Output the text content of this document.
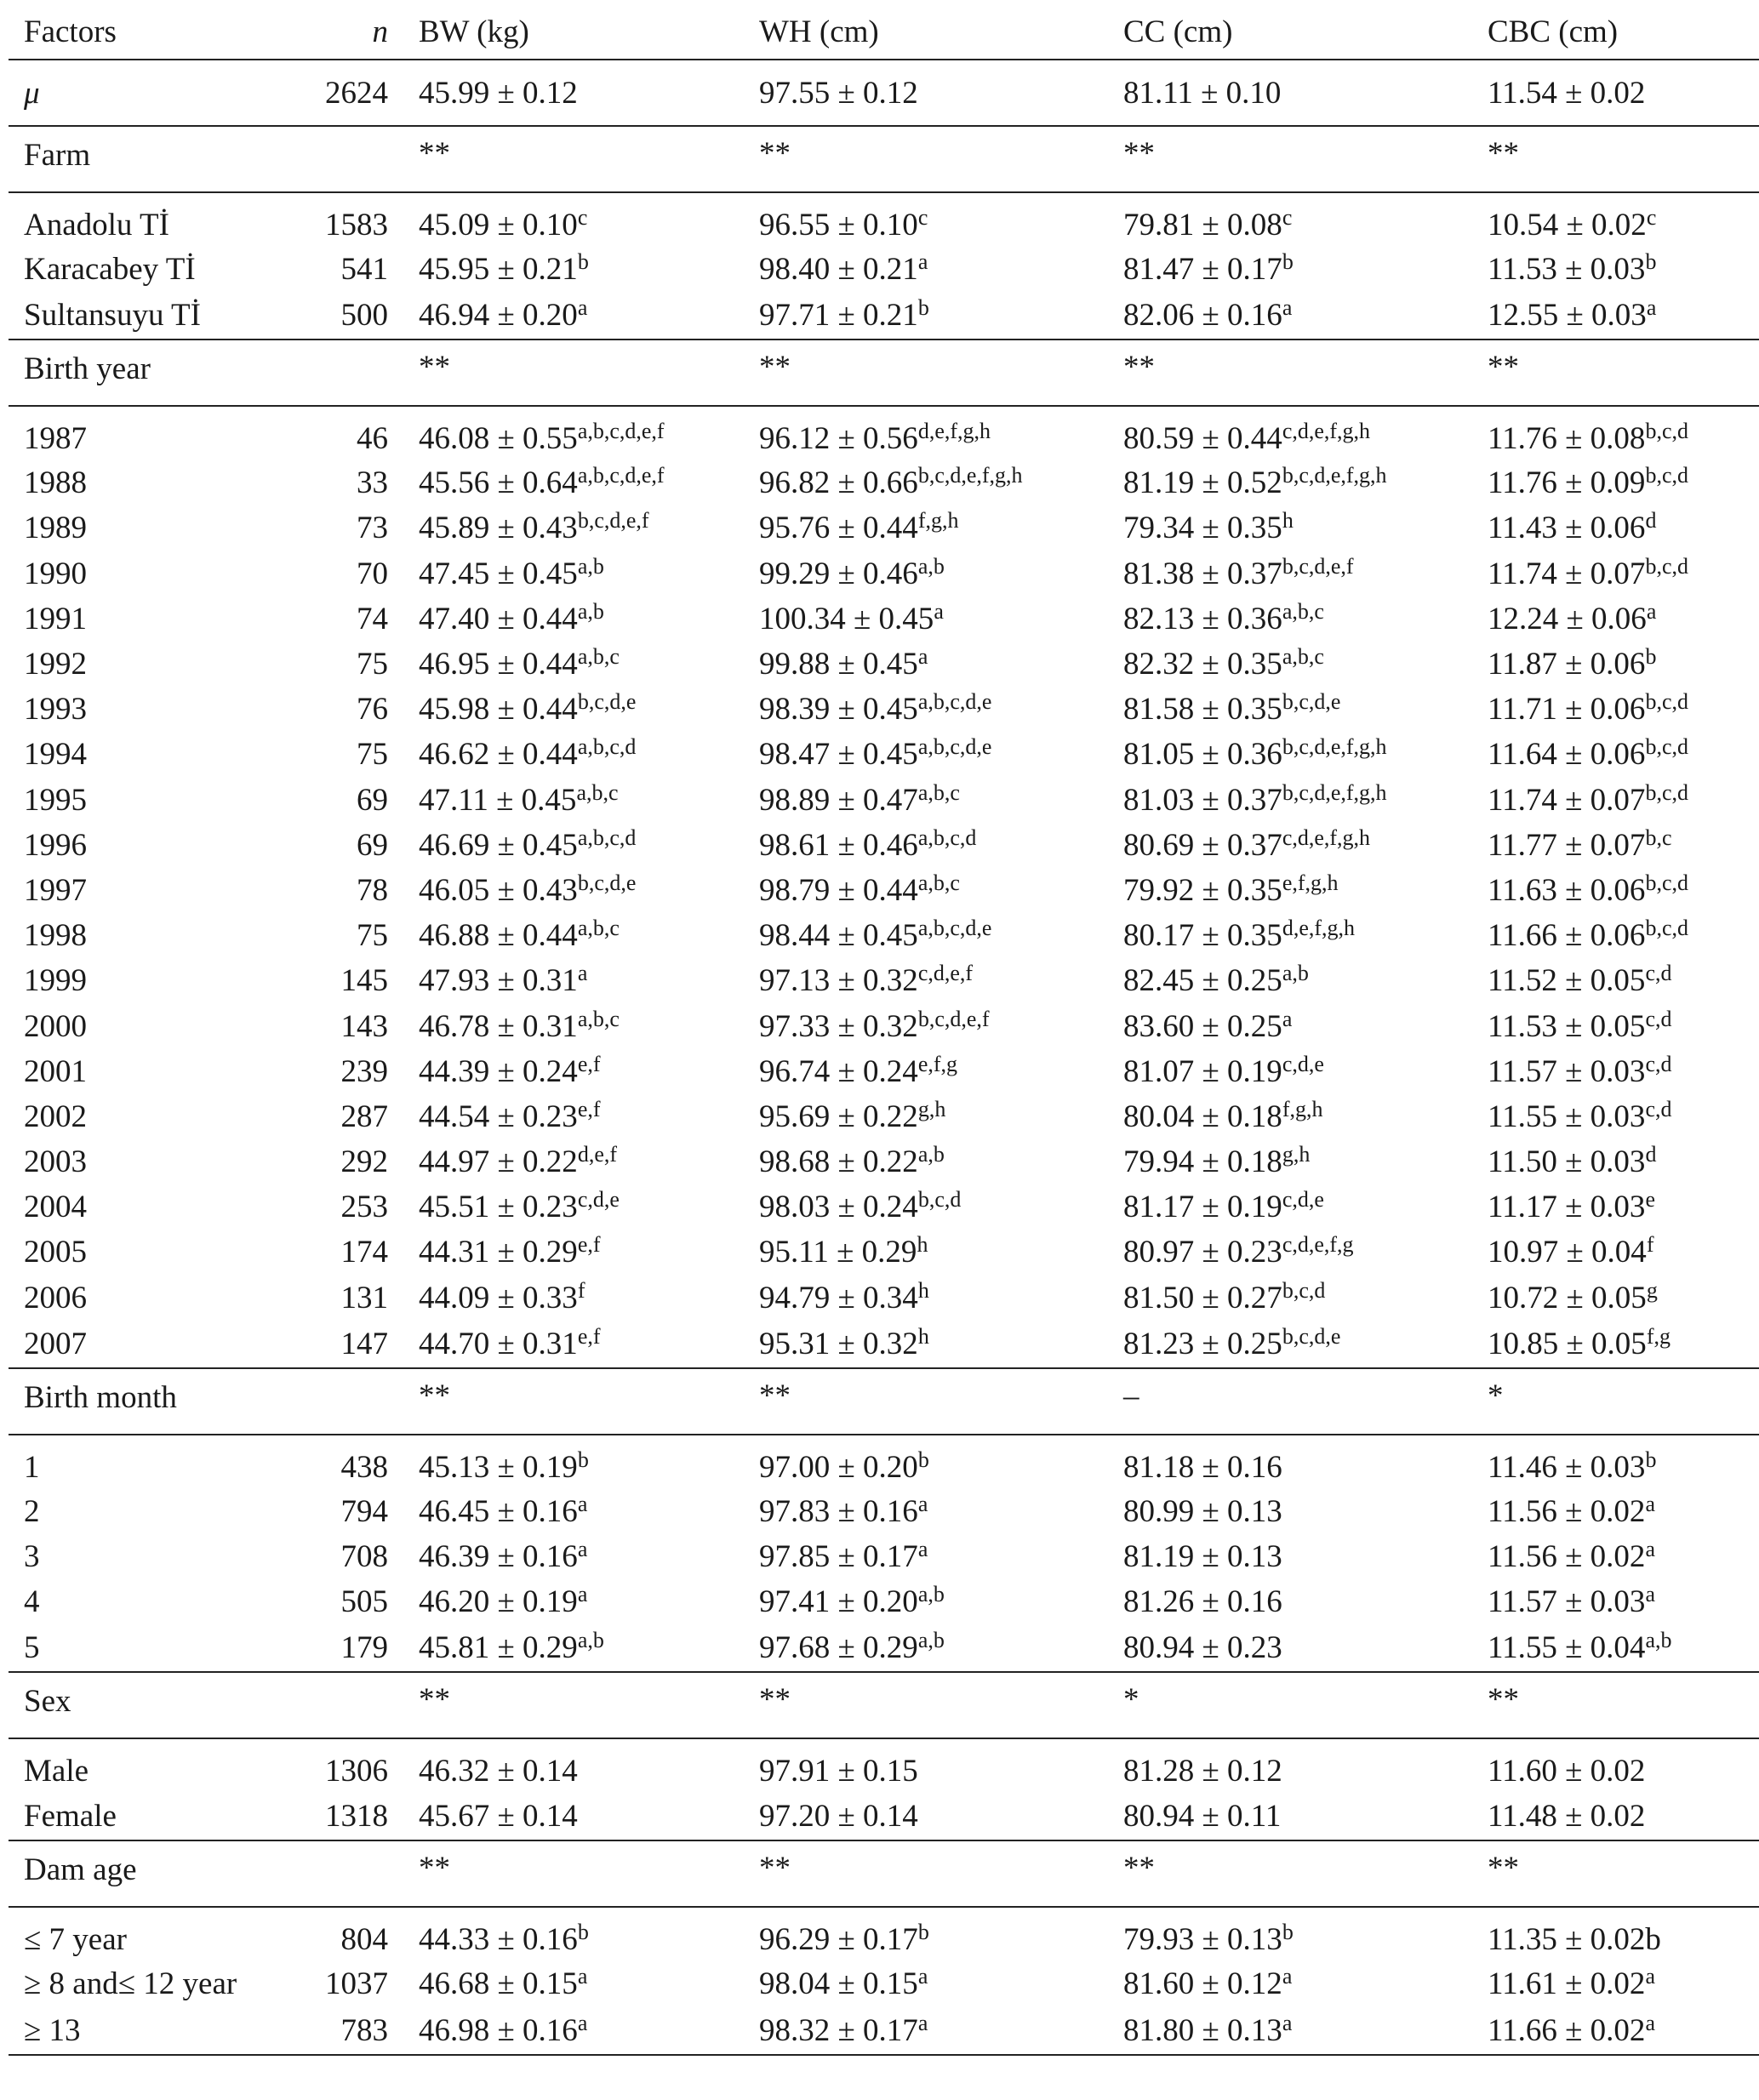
Factors	n	BW (kg)	WH (cm)	CC (cm)	CBC (cm)
μ	2624	45.99 ± 0.12	97.55 ± 0.12	81.11 ± 0.10	11.54 ± 0.02
Farm		**	**	**	**
Anadolu Tİ	1583	45.09 ± 0.10$^c$	96.55 ± 0.10$^c$	79.81 ± 0.08$^c$	10.54 ± 0.02$^c$
Karacabey Tİ	541	45.95 ± 0.21$^b$	98.40 ± 0.21$^a$	81.47 ± 0.17$^b$	11.53 ± 0.03$^b$
Sultansuyu Tİ	500	46.94 ± 0.20$^a$	97.71 ± 0.21$^b$	82.06 ± 0.16$^a$	12.55 ± 0.03$^a$
Birth year		**	**	**	**
1987	46	$46.08 \pm 0.55^{a,b,c,d,e,f}$	$96.12 \pm 0.56^{d,e,f,g,h}$	$80.59 \pm 0.44^{c,d,e,f,g,h}$	$11.76 \pm 0.08^{b,c,d}$
1988	33	$45.56 \pm 0.64^{a,b,c,d,e,f}$	$96.82 \pm 0.66^{b,c,d,e,f,g,h}$	$81.19 \pm 0.52^{b,c,d,e,f,g,h}$	$11.76 \pm 0.09^{b,c,d}$
1989	73	$45.89 \pm 0.43^{b,c,d,e,f}$	$95.76 \pm 0.44^{f,g,h}$	79.34 ± 0.35$^h$	11.43 ± 0.06$^d$
1990	70	$47.45 \pm 0.45^{a,b}$	$99.29 \pm 0.46^{a,b}$	$81.38 \pm 0.37^{b,c,d,e,f}$	$11.74 \pm 0.07^{b,c,d}$
1991	74	$47.40 \pm 0.44^{a,b}$	100.34 ± 0.45$^a$	$82.13 \pm 0.36^{a,b,c}$	12.24 ± 0.06$^a$
1992	75	$46.95 \pm 0.44^{a,b,c}$	99.88 ± 0.45$^a$	$82.32 \pm 0.35^{a,b,c}$	11.87 ± 0.06$^b$
1993	76	$45.98 \pm 0.44^{b,c,d,e}$	$98.39 \pm 0.45^{a,b,c,d,e}$	$81.58 \pm 0.35^{b,c,d,e}$	$11.71 \pm 0.06^{b,c,d}$
1994	75	$46.62 \pm 0.44^{a,b,c,d}$	$98.47 \pm 0.45^{a,b,c,d,e}$	$81.05 \pm 0.36^{b,c,d,e,f,g,h}$	$11.64 \pm 0.06^{b,c,d}$
1995	69	$47.11 \pm 0.45^{a,b,c}$	$98.89 \pm 0.47^{a,b,c}$	$81.03 \pm 0.37^{b,c,d,e,f,g,h}$	$11.74 \pm 0.07^{b,c,d}$
1996	69	$46.69 \pm 0.45^{a,b,c,d}$	$98.61 \pm 0.46^{a,b,c,d}$	$80.69 \pm 0.37^{c,d,e,f,g,h}$	$11.77 \pm 0.07^{b,c}$
1997	78	$46.05 \pm 0.43^{b,c,d,e}$	$98.79 \pm 0.44^{a,b,c}$	$79.92 \pm 0.35^{e,f,g,h}$	$11.63 \pm 0.06^{b,c,d}$
1998	75	$46.88 \pm 0.44^{a,b,c}$	$98.44 \pm 0.45^{a,b,c,d,e}$	$80.17 \pm 0.35^{d,e,f,g,h}$	$11.66 \pm 0.06^{b,c,d}$
1999	145	47.93 ± 0.31$^a$	$97.13 \pm 0.32^{c,d,e,f}$	$82.45 \pm 0.25^{a,b}$	$11.52 \pm 0.05^{c,d}$
2000	143	$46.78 \pm 0.31^{a,b,c}$	$97.33 \pm 0.32^{b,c,d,e,f}$	83.60 ± 0.25$^a$	$11.53 \pm 0.05^{c,d}$
2001	239	$44.39 \pm 0.24^{e,f}$	$96.74 \pm 0.24^{e,f,g}$	$81.07 \pm 0.19^{c,d,e}$	$11.57 \pm 0.03^{c,d}$
2002	287	$44.54 \pm 0.23^{e,f}$	$95.69 \pm 0.22^{g,h}$	$80.04 \pm 0.18^{f,g,h}$	$11.55 \pm 0.03^{c,d}$
2003	292	$44.97 \pm 0.22^{d,e,f}$	$98.68 \pm 0.22^{a,b}$	$79.94 \pm 0.18^{g,h}$	11.50 ± 0.03$^d$
2004	253	$45.51 \pm 0.23^{c,d,e}$	$98.03 \pm 0.24^{b,c,d}$	$81.17 \pm 0.19^{c,d,e}$	11.17 ± 0.03$^e$
2005	174	$44.31 \pm 0.29^{e,f}$	95.11 ± 0.29$^h$	$80.97 \pm 0.23^{c,d,e,f,g}$	10.97 ± 0.04$^f$
2006	131	44.09 ± 0.33$^f$	94.79 ± 0.34$^h$	$81.50 \pm 0.27^{b,c,d}$	10.72 ± 0.05$^g$
2007	147	$44.70 \pm 0.31^{e,f}$	95.31 ± 0.32$^h$	$81.23 \pm 0.25^{b,c,d,e}$	$10.85 \pm 0.05^{f,g}$
Birth month		**	**	–	*
1	438	45.13 ± 0.19$^b$	97.00 ± 0.20$^b$	81.18 ± 0.16	11.46 ± 0.03$^b$
2	794	46.45 ± 0.16$^a$	97.83 ± 0.16$^a$	80.99 ± 0.13	11.56 ± 0.02$^a$
3	708	46.39 ± 0.16$^a$	97.85 ± 0.17$^a$	81.19 ± 0.13	11.56 ± 0.02$^a$
4	505	46.20 ± 0.19$^a$	$97.41 \pm 0.20^{a,b}$	81.26 ± 0.16	11.57 ± 0.03$^a$
5	179	$45.81 \pm 0.29^{a,b}$	$97.68 \pm 0.29^{a,b}$	80.94 ± 0.23	$11.55 \pm 0.04^{a,b}$
Sex		**	**	*	**
Male	1306	46.32 ± 0.14	97.91 ± 0.15	81.28 ± 0.12	11.60 ± 0.02
Female	1318	45.67 ± 0.14	97.20 ± 0.14	80.94 ± 0.11	11.48 ± 0.02
Dam age		**	**	**	**
≤ 7 year	804	44.33 ± 0.16$^b$	96.29 ± 0.17$^b$	79.93 ± 0.13$^b$	11.35 ± 0.02b
≥ 8 and≤ 12 year	1037	46.68 ± 0.15$^a$	98.04 ± 0.15$^a$	81.60 ± 0.12$^a$	11.61 ± 0.02$^a$
≥ 13	783	46.98 ± 0.16$^a$	98.32 ± 0.17$^a$	81.80 ± 0.13$^a$	11.66 ± 0.02$^a$
